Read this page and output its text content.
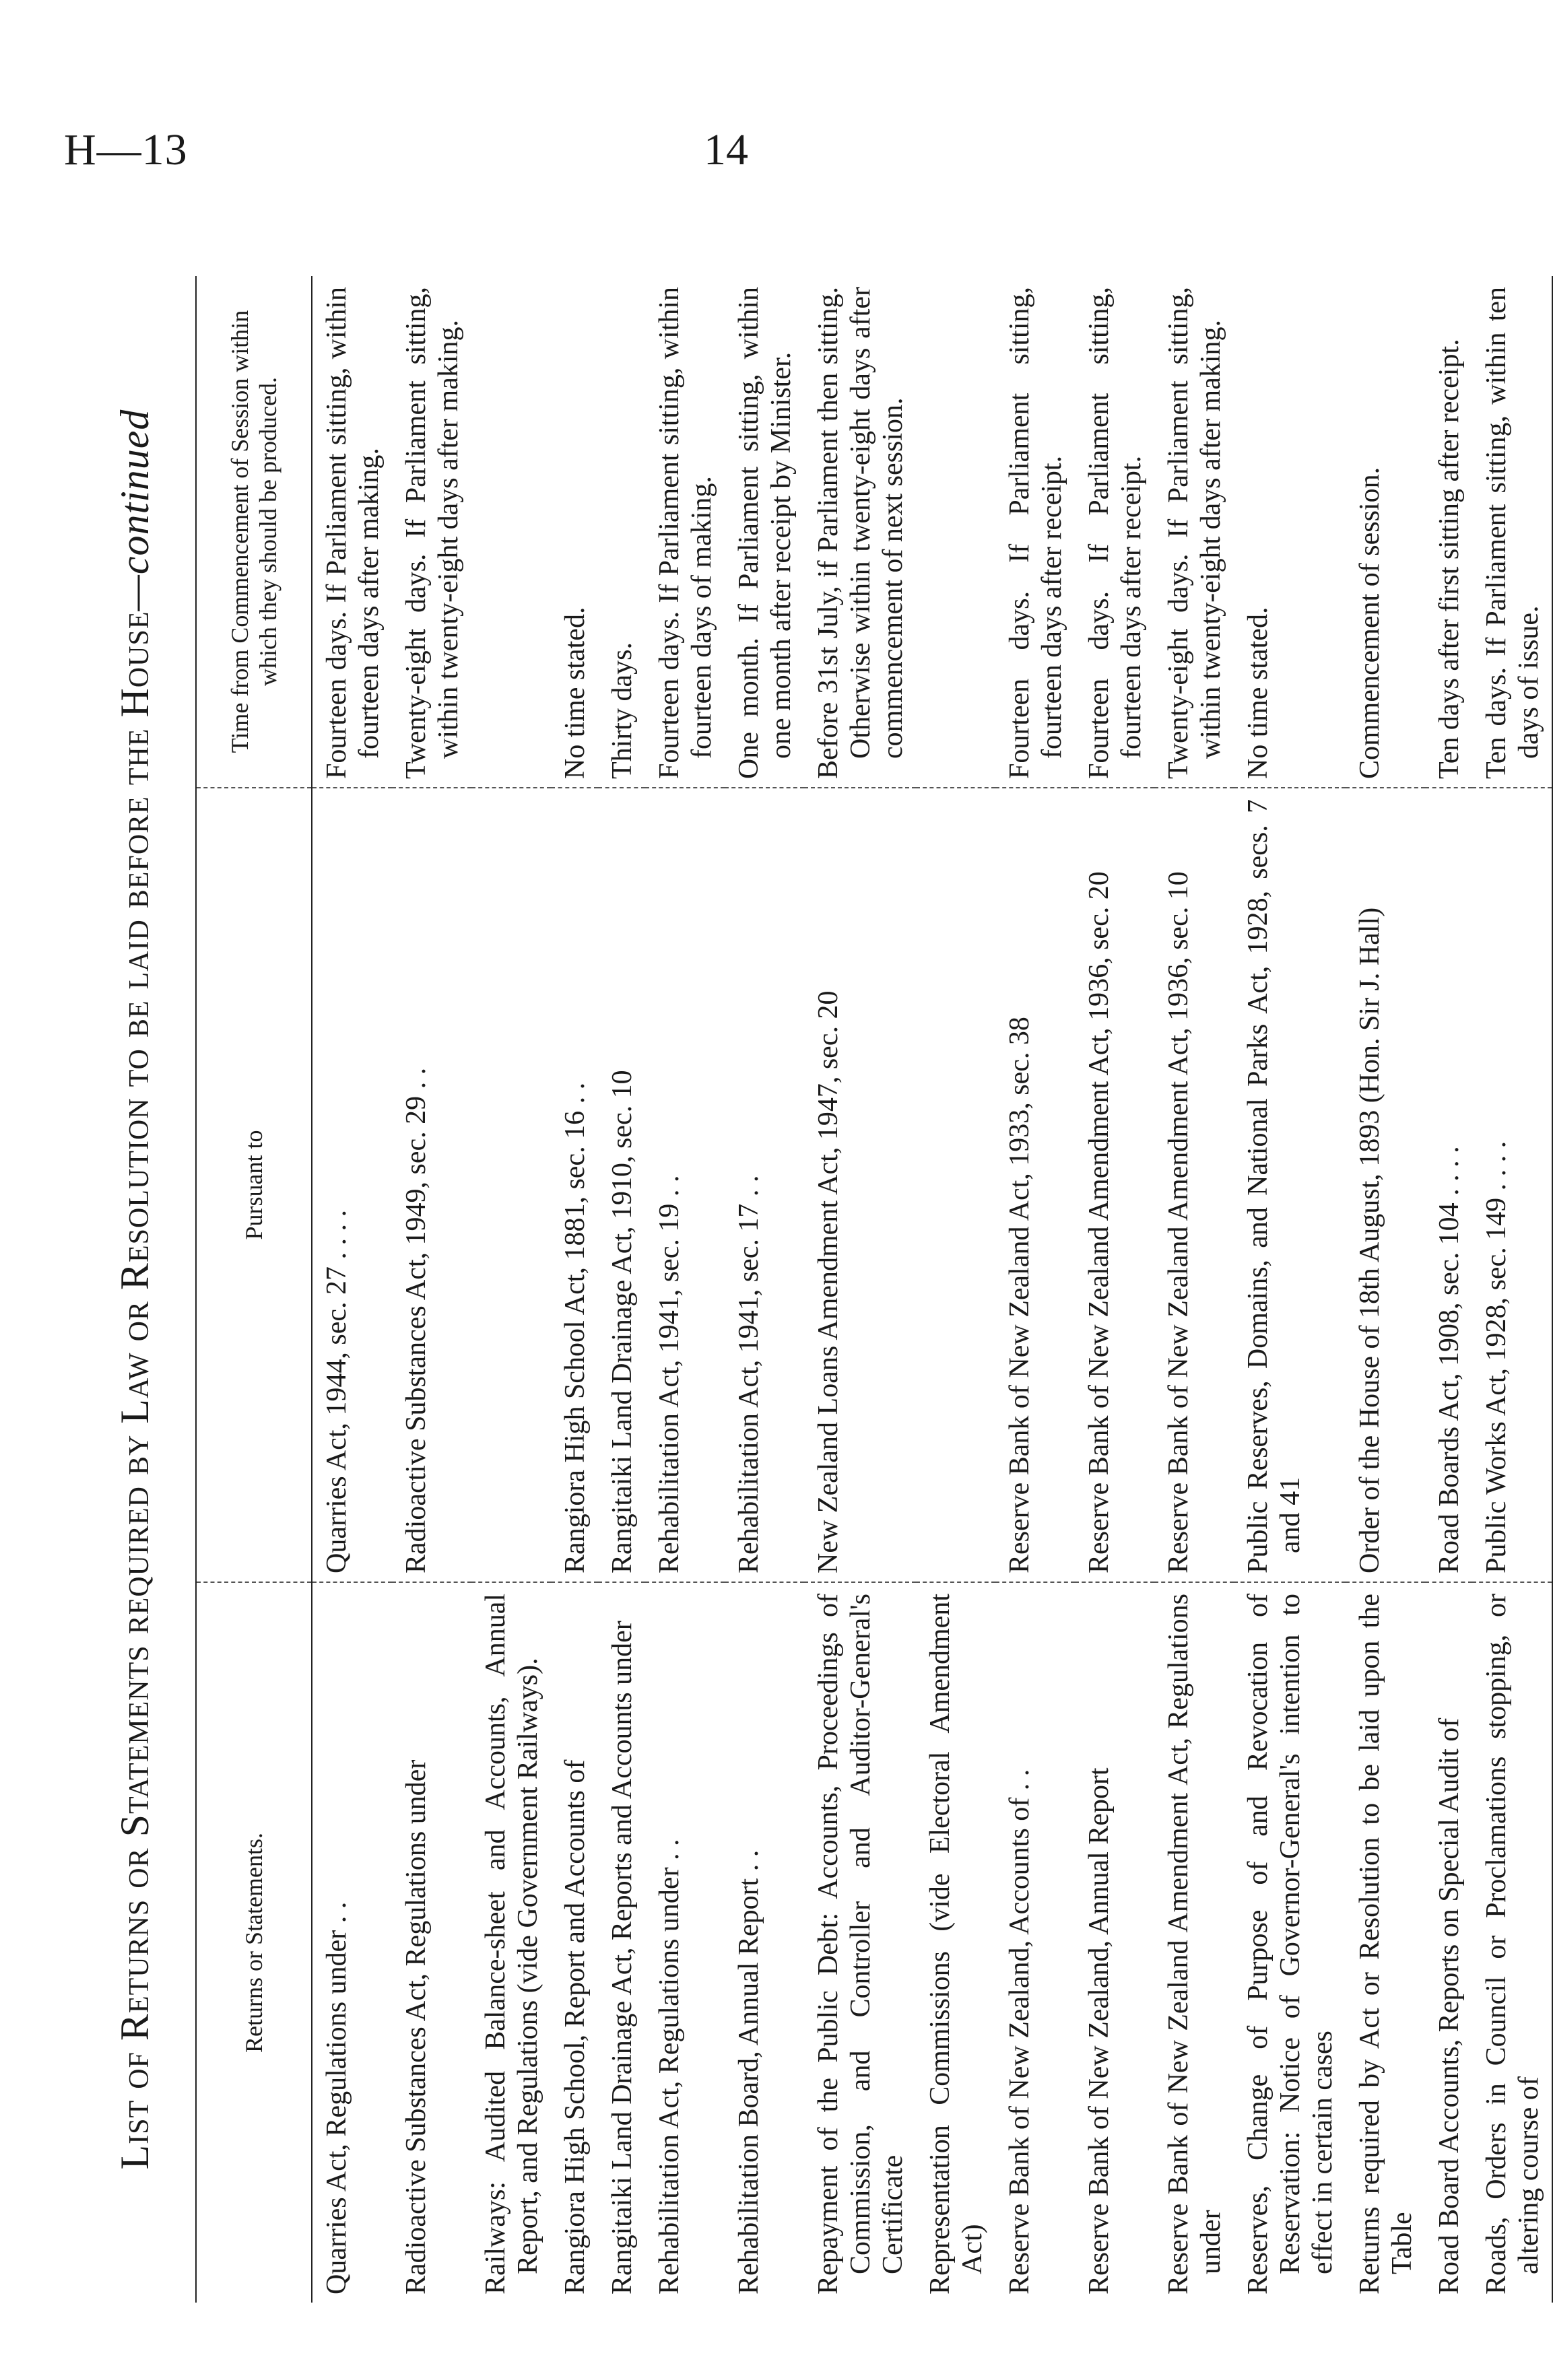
H—13	14
List of Returns or Statements required by Law or Resolution to be laid before the House—continued
Returns or Statements.	Pursuant to	Time from Commencement of Session within which they should be produced.
Quarries Act, Regulations under . .	Quarries Act, 1944, sec. 27 . . . .	Fourteen days. If Parliament sitting, within fourteen days after making.
Radioactive Substances Act, Regulations under	Radioactive Substances Act, 1949, sec. 29 . .	Twenty-eight days. If Parliament sitting, within twenty-eight days after making.
Railways: Audited Balance-sheet and Accounts, Annual Report, and Regulations (vide Government Railways).		
Rangiora High School, Report and Accounts of	Rangiora High School Act, 1881, sec. 16 . .	No time stated.
Rangitaiki Land Drainage Act, Reports and Accounts under	Rangitaiki Land Drainage Act, 1910, sec. 10	Thirty days.
Rehabilitation Act, Regulations under . .	Rehabilitation Act, 1941, sec. 19 . .	Fourteen days. If Parliament sitting, within fourteen days of making.
Rehabilitation Board, Annual Report . .	Rehabilitation Act, 1941, sec. 17 . .	One month. If Parliament sitting, within one month after receipt by Minister.
Repayment of the Public Debt: Accounts, Proceedings of Commission, and Controller and Auditor-General's Certificate	New Zealand Loans Amendment Act, 1947, sec. 20	Before 31st July, if Parliament then sitting. Otherwise within twenty-eight days after commencement of next session.
Representation Commissions (vide Electoral Amendment Act)		
Reserve Bank of New Zealand, Accounts of . .	Reserve Bank of New Zealand Act, 1933, sec. 38	Fourteen days. If Parliament sitting, fourteen days after receipt.
Reserve Bank of New Zealand, Annual Report	Reserve Bank of New Zealand Amendment Act, 1936, sec. 20	Fourteen days. If Parliament sitting, fourteen days after receipt.
Reserve Bank of New Zealand Amendment Act, Regulations under	Reserve Bank of New Zealand Amendment Act, 1936, sec. 10	Twenty-eight days. If Parliament sitting, within twenty-eight days after making.
Reserves, Change of Purpose of and Revocation of Reservation: Notice of Governor-General's intention to effect in certain cases	Public Reserves, Domains, and National Parks Act, 1928, secs. 7 and 41	No time stated.
Returns required by Act or Resolution to be laid upon the Table	Order of the House of 18th August, 1893 (Hon. Sir J. Hall)	Commencement of session.
Road Board Accounts, Reports on Special Audit of	Road Boards Act, 1908, sec. 104 . . . .	Ten days after first sitting after receipt.
Roads, Orders in Council or Proclamations stopping, or altering course of	Public Works Act, 1928, sec. 149 . . . .	Ten days. If Parliament sitting, within ten days of issue.
